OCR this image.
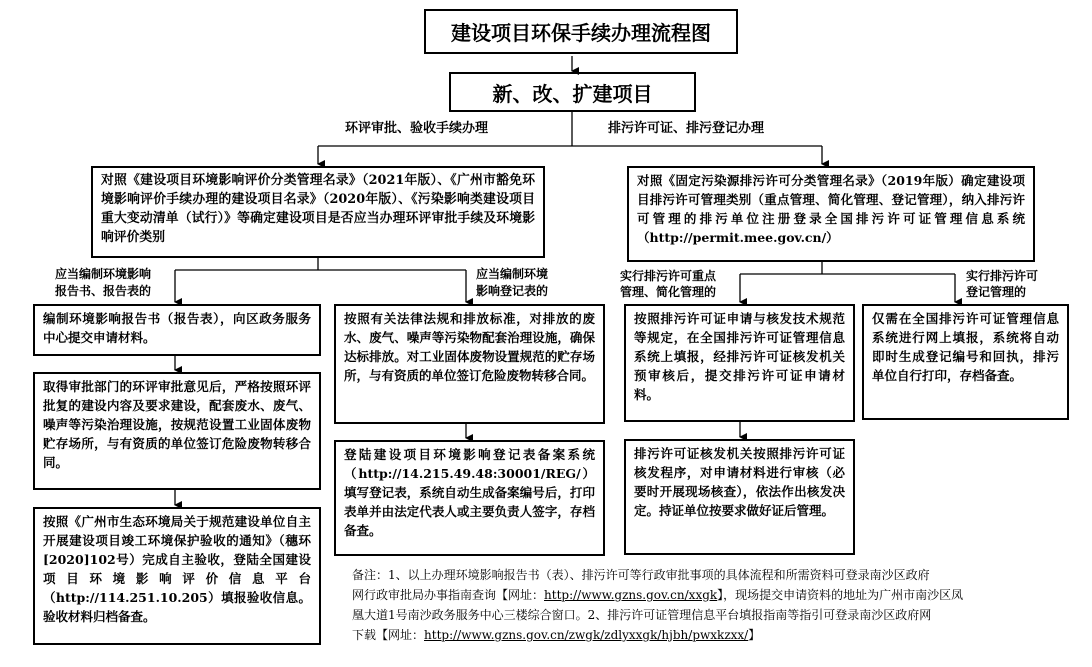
建设项目环保手续办理流程图
新、改、扩建项目
环评审批、验收手续办理	排污许可证、排污登记办理
对照《建设项目环境影响评价分类管理名录》（2021年版）、《广州市豁免环境影响评价手续办理的建设项目名录》（2020年版）、《污染影响类建设项目重大变动清单（试行）》等确定建设项目是否应当办理环评审批手续及环境影响评价类别
对照《固定污染源排污许可分类管理名录》（2019年版）确定建设项目排污许可管理类别（重点管理、简化管理、登记管理），纳入排污许可管理的排污单位注册登录全国排污许可证管理信息系统（http://permit.mee.gov.cn/）
应当编制环境影响
报告书、报告表的
应当编制环境
影响登记表的
实行排污许可重点
管理、简化管理的
实行排污许可
登记管理的
编制环境影响报告书（报告表），向区政务服务中心提交申请材料。
取得审批部门的环评审批意见后，严格按照环评批复的建设内容及要求建设，配套废水、废气、噪声等污染治理设施，按规范设置工业固体废物贮存场所，与有资质的单位签订危险废物转移合同。
按照《广州市生态环境局关于规范建设单位自主开展建设项目竣工环境保护验收的通知》（穗环[2020]102号）完成自主验收，登陆全国建设项目环境影响评价信息平台（http://114.251.10.205）填报验收信息。验收材料归档备查。
按照有关法律法规和排放标准，对排放的废水、废气、噪声等污染物配套治理设施，确保达标排放。对工业固体废物设置规范的贮存场所，与有资质的单位签订危险废物转移合同。
登陆建设项目环境影响登记表备案系统（http://14.215.49.48:30001/REG/）填写登记表，系统自动生成备案编号后，打印表单并由法定代表人或主要负责人签字，存档备查。
按照排污许可证申请与核发技术规范等规定，在全国排污许可证管理信息系统上填报，经排污许可证核发机关预审核后，提交排污许可证申请材料。
排污许可证核发机关按照排污许可证核发程序，对申请材料进行审核（必要时开展现场核查），依法作出核发决定。持证单位按要求做好证后管理。
仅需在全国排污许可证管理信息系统进行网上填报，系统将自动即时生成登记编号和回执，排污单位自行打印，存档备查。
备注：1、以上办理环境影响报告书（表）、排污许可等行政审批事项的具体流程和所需资料可登录南沙区政府
网行政审批局办事指南查询【网址：http://www.gzns.gov.cn/xxgk】，现场提交申请资料的地址为广州市南沙区凤
凰大道1号南沙政务服务中心三楼综合窗口。2、排污许可证管理信息平台填报指南等指引可登录南沙区政府网
下载【网址：http://www.gzns.gov.cn/zwgk/zdlyxxgk/hjbh/pwxkzxx/】
